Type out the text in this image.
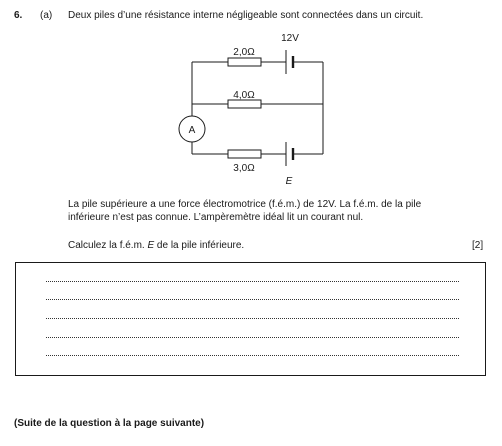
6. (a) Deux piles d’une résistance interne négligeable sont connectées dans un circuit.
A
12V
2,0Ω
4,0Ω
3,0Ω
E

La pile supérieure a une force électromotrice (f.é.m.) de 12V. La f.é.m. de la pile

inférieure n’est pas connue. L’ampèremètre idéal lit un courant nul.

Calculez la f.é.m. E de la pile inférieure.	[2]
(Suite de la question à la page suivante)
